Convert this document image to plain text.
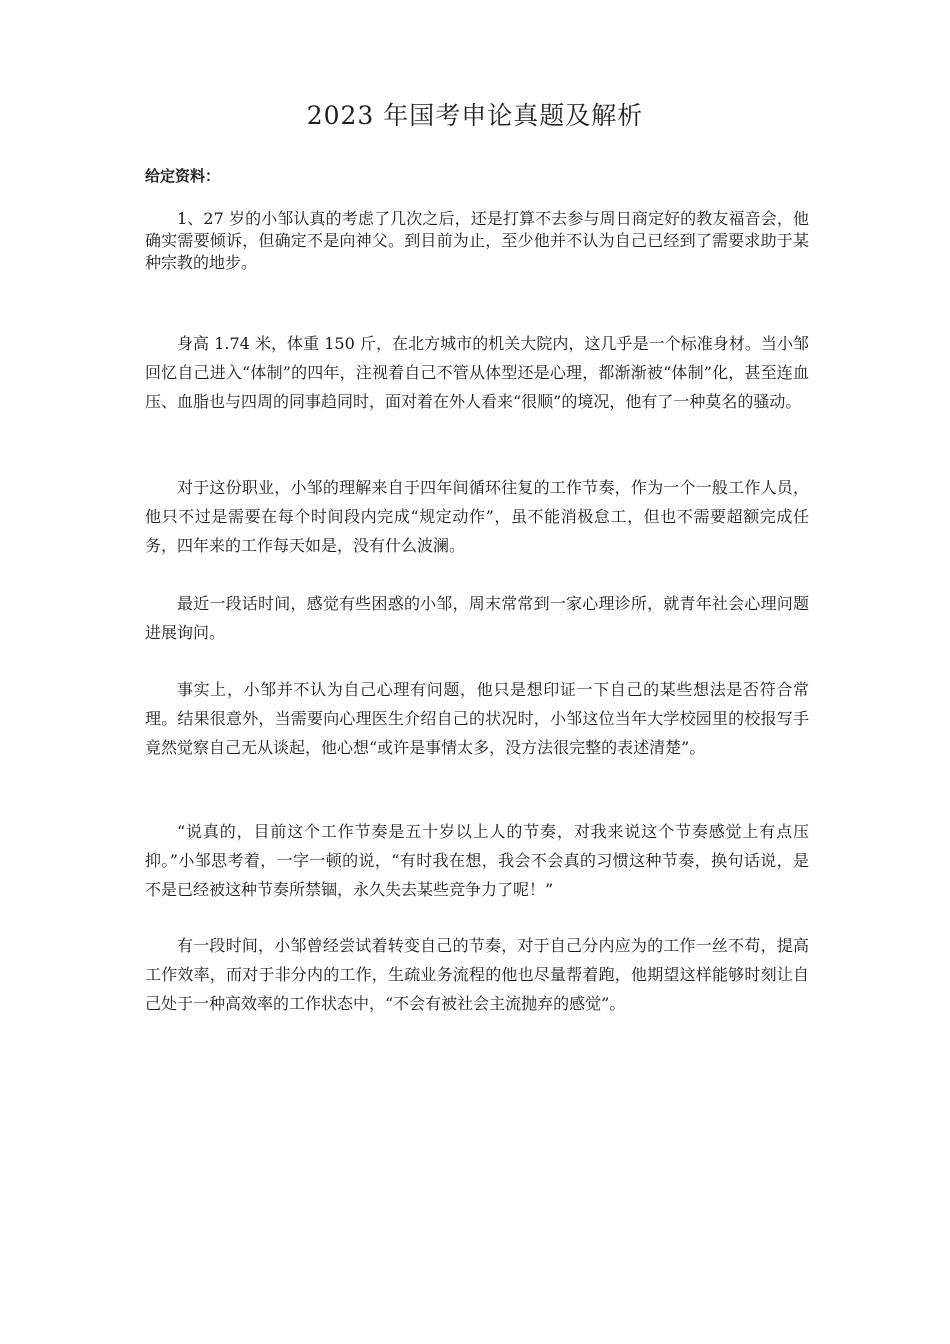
2023 年国考申论真题及解析
给定资料：

1、27 岁的小邹认真的考虑了几次之后，还是打算不去参与周日商定好的教友福音会，他确实需要倾诉，但确定不是向神父。到目前为止，至少他并不认为自己已经到了需要求助于某种宗教的地步。

身高 1.74 米，体重 150 斤，在北方城市的机关大院内，这几乎是一个标准身材。当小邹回忆自己进入“体制”的四年，注视着自己不管从体型还是心理，都渐渐被“体制”化，甚至连血压、血脂也与四周的同事趋同时，面对着在外人看来“很顺”的境况，他有了一种莫名的骚动。

对于这份职业，小邹的理解来自于四年间循环往复的工作节奏，作为一个一般工作人员，他只不过是需要在每个时间段内完成“规定动作”，虽不能消极怠工，但也不需要超额完成任务，四年来的工作每天如是，没有什么波澜。

最近一段话时间，感觉有些困惑的小邹，周末常常到一家心理诊所，就青年社会心理问题进展询问。

事实上，小邹并不认为自己心理有问题，他只是想印证一下自己的某些想法是否符合常理。结果很意外，当需要向心理医生介绍自己的状况时，小邹这位当年大学校园里的校报写手竟然觉察自己无从谈起，他心想“或许是事情太多，没方法很完整的表述清楚”。

“说真的，目前这个工作节奏是五十岁以上人的节奏，对我来说这个节奏感觉上有点压抑。”小邹思考着，一字一顿的说，“有时我在想，我会不会真的习惯这种节奏，换句话说，是不是已经被这种节奏所禁锢，永久失去某些竞争力了呢！”

有一段时间，小邹曾经尝试着转变自己的节奏，对于自己分内应为的工作一丝不苟，提高工作效率，而对于非分内的工作，生疏业务流程的他也尽量帮着跑，他期望这样能够时刻让自己处于一种高效率的工作状态中，“不会有被社会主流抛弃的感觉”。
